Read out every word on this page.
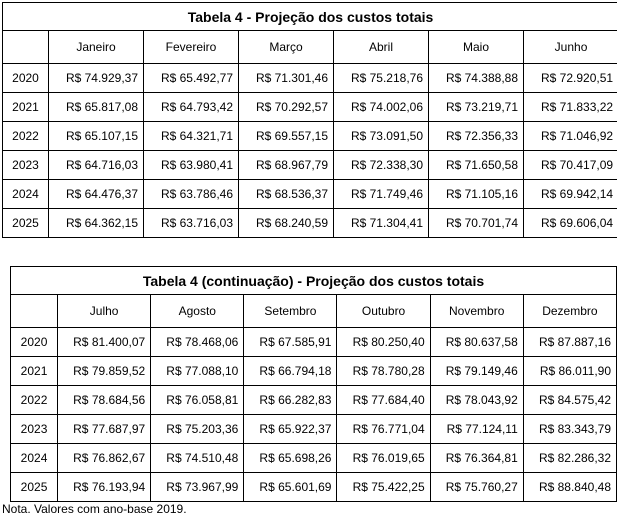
Tabela 4 - Projeção dos custos totais						
	Janeiro	Fevereiro	Março	Abril	Maio	Junho
2020	R$ 74.929,37	R$ 65.492,77	R$ 71.301,46	R$ 75.218,76	R$ 74.388,88	R$ 72.920,51
2021	R$ 65.817,08	R$ 64.793,42	R$ 70.292,57	R$ 74.002,06	R$ 73.219,71	R$ 71.833,22
2022	R$ 65.107,15	R$ 64.321,71	R$ 69.557,15	R$ 73.091,50	R$ 72.356,33	R$ 71.046,92
2023	R$ 64.716,03	R$ 63.980,41	R$ 68.967,79	R$ 72.338,30	R$ 71.650,58	R$ 70.417,09
2024	R$ 64.476,37	R$ 63.786,46	R$ 68.536,37	R$ 71.749,46	R$ 71.105,16	R$ 69.942,14
2025	R$ 64.362,15	R$ 63.716,03	R$ 68.240,59	R$ 71.304,41	R$ 70.701,74	R$ 69.606,04
Tabela 4 (continuação) - Projeção dos custos totais						
	Julho	Agosto	Setembro	Outubro	Novembro	Dezembro
2020	R$ 81.400,07	R$ 78.468,06	R$ 67.585,91	R$ 80.250,40	R$ 80.637,58	R$ 87.887,16
2021	R$ 79.859,52	R$ 77.088,10	R$ 66.794,18	R$ 78.780,28	R$ 79.149,46	R$ 86.011,90
2022	R$ 78.684,56	R$ 76.058,81	R$ 66.282,83	R$ 77.684,40	R$ 78.043,92	R$ 84.575,42
2023	R$ 77.687,97	R$ 75.203,36	R$ 65.922,37	R$ 76.771,04	R$ 77.124,11	R$ 83.343,79
2024	R$ 76.862,67	R$ 74.510,48	R$ 65.698,26	R$ 76.019,65	R$ 76.364,81	R$ 82.286,32
2025	R$ 76.193,94	R$ 73.967,99	R$ 65.601,69	R$ 75.422,25	R$ 75.760,27	R$ 88.840,48
Nota. Valores com ano-base 2019.
